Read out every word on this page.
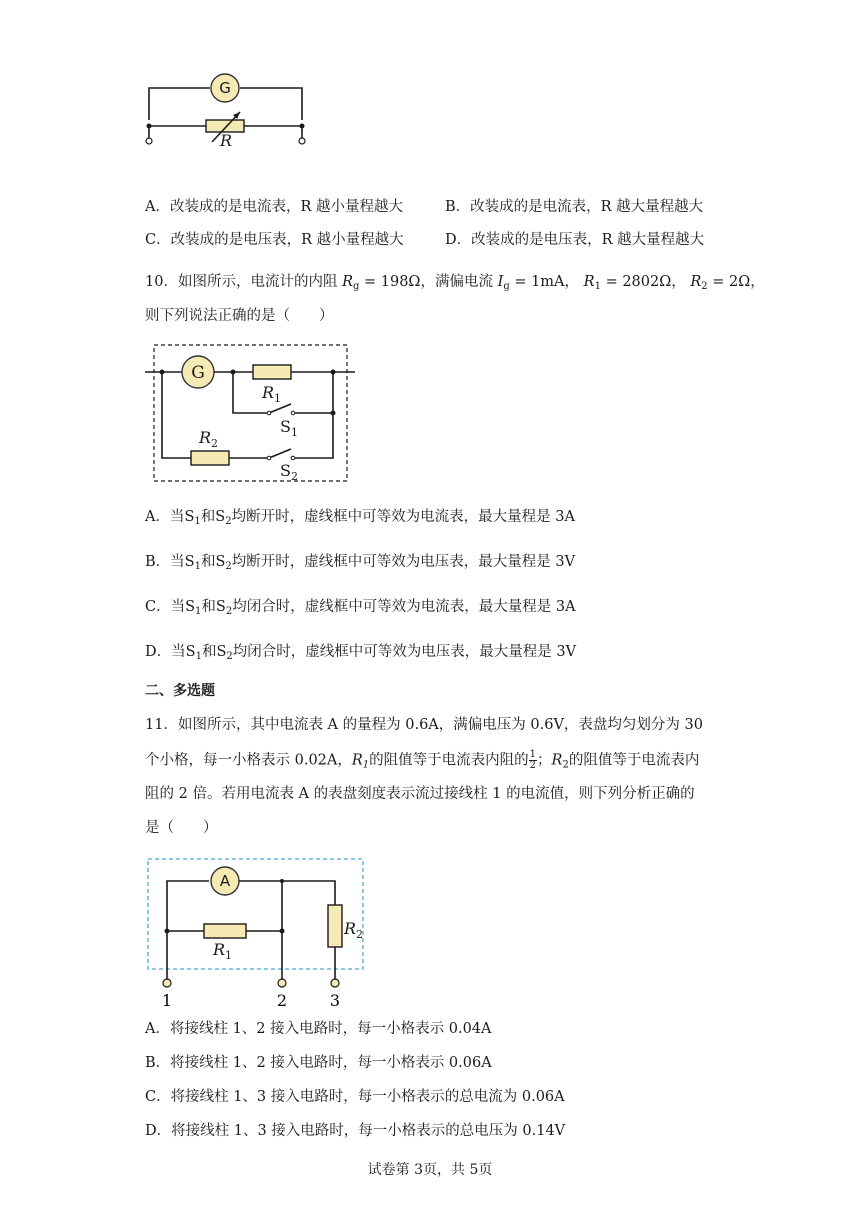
G
R
A．改装成的是电流表，R 越小量程越大	B．改装成的是电流表，R 越大量程越大
C．改装成的是电压表，R 越小量程越大	D．改装成的是电压表，R 越大量程越大
10．如图所示，电流计的内阻 $R_g = 198\Omega$，满偏电流 $I_g = 1mA$， $R_1 = 2802\Omega$， $R_2 = 2\Omega$，
则下列说法正确的是（　　）
G
R 1
S 1
R 2
S 2
A．当$S_1$和$S_2$均断开时，虚线框中可等效为电流表，最大量程是 3A
B．当$S_1$和$S_2$均断开时，虚线框中可等效为电压表，最大量程是 3V
C．当$S_1$和$S_2$均闭合时，虚线框中可等效为电流表，最大量程是 3A
D．当$S_1$和$S_2$均闭合时，虚线框中可等效为电压表，最大量程是 3V
二、多选题
11．如图所示，其中电流表 A 的量程为 0.6A，满偏电压为 0.6V，表盘均匀划分为 30
个小格，每一小格表示 0.02A，$R_1$的阻值等于电流表内阻的 $\frac{1}{2}$ ；$R_2$的阻值等于电流表内
阻的 2 倍。若用电流表 A 的表盘刻度表示流过接线柱 1 的电流值，则下列分析正确的
是（　　）
A
R 1
R 2
1	2	3
A．将接线柱 1、2 接入电路时，每一小格表示 0.04A
B．将接线柱 1、2 接入电路时，每一小格表示 0.06A
C．将接线柱 1、3 接入电路时，每一小格表示的总电流为 0.06A
D．将接线柱 1、3 接入电路时，每一小格表示的总电压为 0.14V
试卷第 3页，共 5页
